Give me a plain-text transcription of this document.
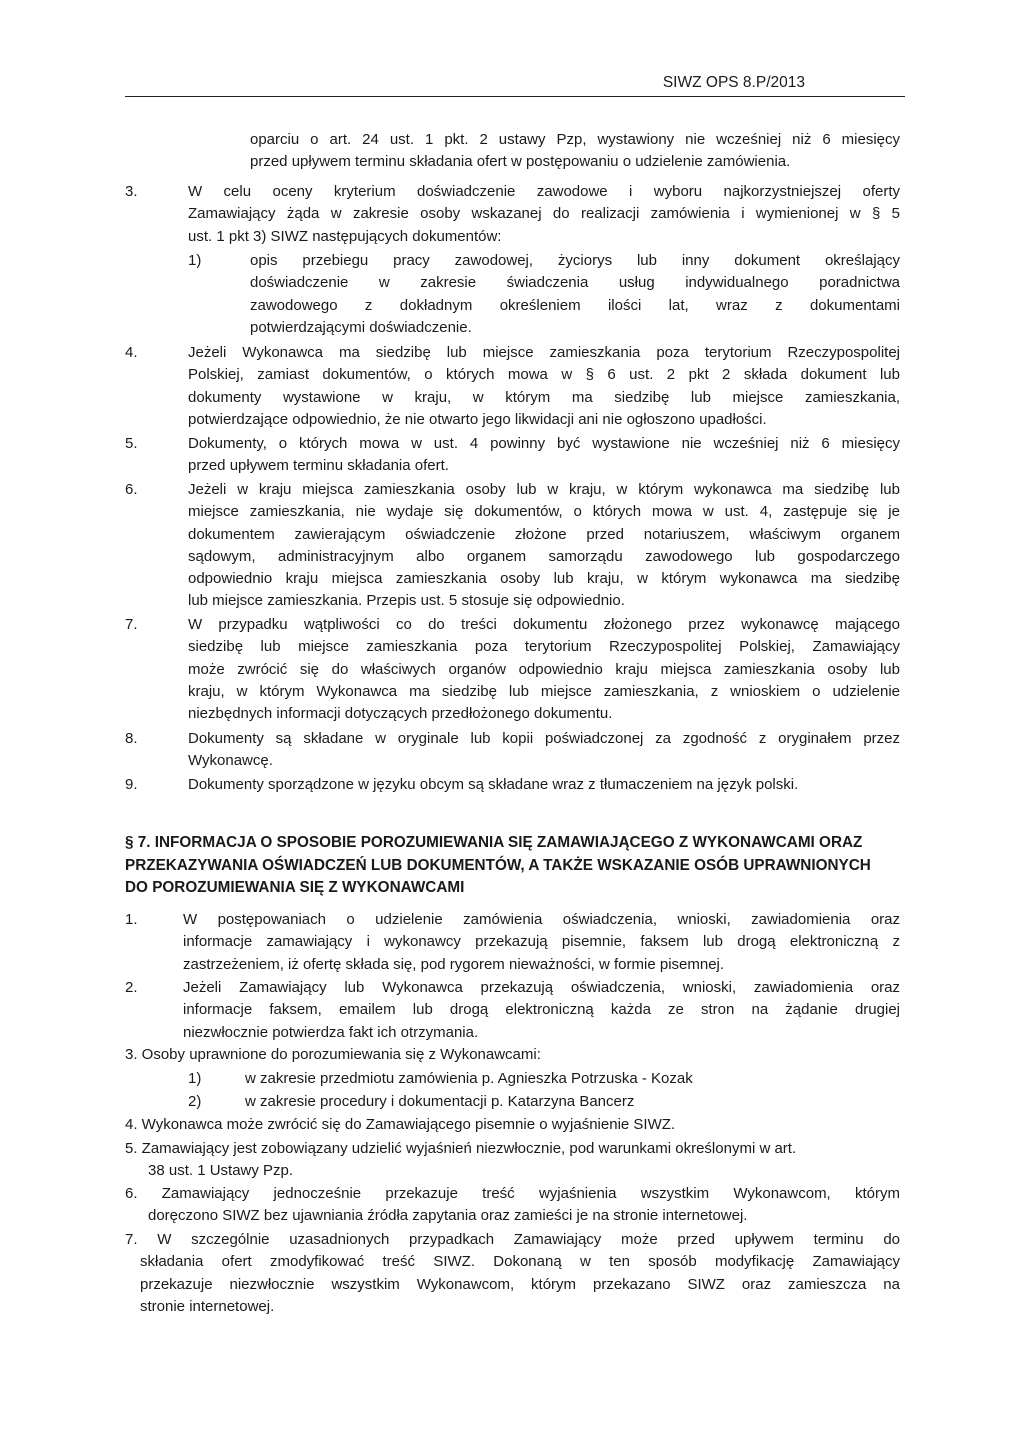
SIWZ OPS 8.P/2013
oparciu o art. 24 ust. 1 pkt. 2 ustawy Pzp, wystawiony nie wcześniej niż 6 miesięcy
przed upływem terminu składania ofert w postępowaniu o udzielenie zamówienia.
3.	W celu oceny kryterium doświadczenie zawodowe i wyboru najkorzystniejszej oferty
Zamawiający żąda w zakresie osoby wskazanej do realizacji zamówienia i wymienionej w § 5
ust. 1 pkt 3) SIWZ następujących dokumentów:
1)	opis przebiegu pracy zawodowej, życiorys lub inny dokument określający
doświadczenie w zakresie świadczenia usług indywidualnego poradnictwa
zawodowego z dokładnym określeniem ilości lat, wraz z dokumentami
potwierdzającymi doświadczenie.
4.	Jeżeli Wykonawca ma siedzibę lub miejsce zamieszkania poza terytorium Rzeczypospolitej
Polskiej, zamiast dokumentów, o których mowa w § 6 ust. 2 pkt 2 składa dokument lub
dokumenty wystawione w kraju, w którym ma siedzibę lub miejsce zamieszkania,
potwierdzające odpowiednio, że nie otwarto jego likwidacji ani nie ogłoszono upadłości.
5.	Dokumenty, o których mowa w ust. 4 powinny być wystawione nie wcześniej niż 6 miesięcy
przed upływem terminu składania ofert.
6.	Jeżeli w kraju miejsca zamieszkania osoby lub w kraju, w którym wykonawca ma siedzibę lub
miejsce zamieszkania, nie wydaje się dokumentów, o których mowa w ust. 4, zastępuje się je
dokumentem zawierającym oświadczenie złożone przed notariuszem, właściwym organem
sądowym, administracyjnym albo organem samorządu zawodowego lub gospodarczego
odpowiednio kraju miejsca zamieszkania osoby lub kraju, w którym wykonawca ma siedzibę
lub miejsce zamieszkania. Przepis ust. 5 stosuje się odpowiednio.
7.	W przypadku wątpliwości co do treści dokumentu złożonego przez wykonawcę mającego
siedzibę lub miejsce zamieszkania poza terytorium Rzeczypospolitej Polskiej, Zamawiający
może zwrócić się do właściwych organów odpowiednio kraju miejsca zamieszkania osoby lub
kraju, w którym Wykonawca ma siedzibę lub miejsce zamieszkania, z wnioskiem o udzielenie
niezbędnych informacji dotyczących przedłożonego dokumentu.
8.	Dokumenty są składane w oryginale lub kopii poświadczonej za zgodność z oryginałem przez
Wykonawcę.
9.	Dokumenty sporządzone w języku obcym są składane wraz z tłumaczeniem na język polski.
§ 7. INFORMACJA O SPOSOBIE POROZUMIEWANIA SIĘ ZAMAWIAJĄCEGO Z WYKONAWCAMI ORAZ
PRZEKAZYWANIA OŚWIADCZEŃ LUB DOKUMENTÓW, A TAKŻE WSKAZANIE OSÓB UPRAWNIONYCH
DO POROZUMIEWANIA SIĘ Z WYKONAWCAMI
1.	W postępowaniach o udzielenie zamówienia oświadczenia, wnioski, zawiadomienia oraz
informacje zamawiający i wykonawcy przekazują pisemnie, faksem lub drogą elektroniczną z
zastrzeżeniem, iż ofertę składa się, pod rygorem nieważności, w formie pisemnej.
2.	Jeżeli Zamawiający lub Wykonawca przekazują oświadczenia, wnioski, zawiadomienia oraz
informacje faksem, emailem lub drogą elektroniczną każda ze stron na żądanie drugiej
niezwłocznie potwierdza fakt ich otrzymania.
3. Osoby uprawnione do porozumiewania się z Wykonawcami:
1)	w zakresie przedmiotu zamówienia p. Agnieszka Potrzuska - Kozak
2)	w zakresie procedury i dokumentacji p. Katarzyna Bancerz
4. Wykonawca może zwrócić się do Zamawiającego pisemnie o wyjaśnienie SIWZ.
5. Zamawiający jest zobowiązany udzielić wyjaśnień niezwłocznie, pod warunkami określonymi w art.
38 ust. 1 Ustawy Pzp.
6. Zamawiający jednocześnie przekazuje treść wyjaśnienia wszystkim Wykonawcom, którym
doręczono SIWZ bez ujawniania źródła zapytania oraz zamieści je na stronie internetowej.
7. W szczególnie uzasadnionych przypadkach Zamawiający może przed upływem terminu do
składania ofert zmodyfikować treść SIWZ. Dokonaną w ten sposób modyfikację Zamawiający
przekazuje niezwłocznie wszystkim Wykonawcom, którym przekazano SIWZ oraz zamieszcza na
stronie internetowej.
